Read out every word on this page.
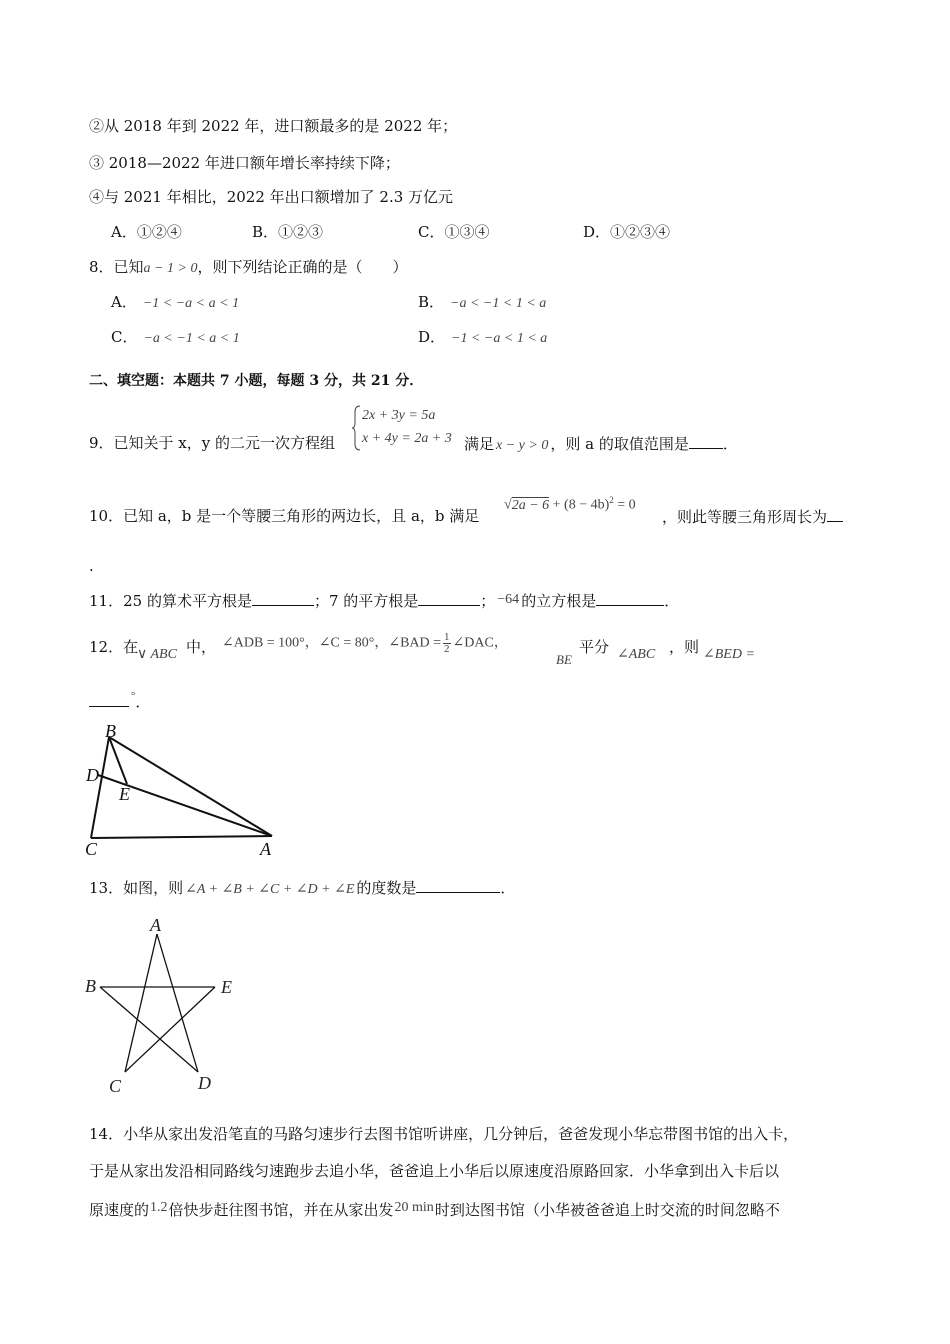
②从 2018 年到 2022 年，进口额最多的是 2022 年；
③ 2018—2022 年进口额年增长率持续下降；
④与 2021 年相比，2022 年出口额增加了 2.3 万亿元
A．①②④	B．①②③	C．①③④	D．①②③④
8．已知a − 1 > 0，则下列结论正确的是（　　）
A． −1 < −a < a < 1	B． −a < −1 < 1 < a
C． −a < −1 < a < 1	D． −1 < −a < 1 < a
二、填空题：本题共 7 小题，每题 3 分，共 21 分．
9．已知关于 x，y 的二元一次方程组
2x + 3y = 5a
x + 4y = 2a + 3 满足 x − y > 0 ，则 a 的取值范围是 ．
10．已知 a，b 是一个等腰三角形的两边长，且 a，b 满足
$√2a - 6 + (8 - 4b)^2 = 0$
，则此等腰三角形周长为
.
11．25 的算术平方根是	；7 的平方根是	； −64 的立方根是	．
12．在
∨ ABC 中， ∠ADB = 100°，∠C = 80°，∠BAD = $\frac{1}{2}$ ∠DAC，
BE
平分 ∠ABC ，则 ∠BED =
°．
B
D
E
C	A
13．如图，则 ∠A + ∠B + ∠C + ∠D + ∠E 的度数是	．
A
B	E
C	D
14．小华从家出发沿笔直的马路匀速步行去图书馆听讲座，几分钟后，爸爸发现小华忘带图书馆的出入卡，
于是从家出发沿相同路线匀速跑步去追小华，爸爸追上小华后以原速度沿原路回家．小华拿到出入卡后以
原速度的1.2倍快步赶往图书馆，并在从家出发20 min时到达图书馆（小华被爸爸追上时交流的时间忽略不
